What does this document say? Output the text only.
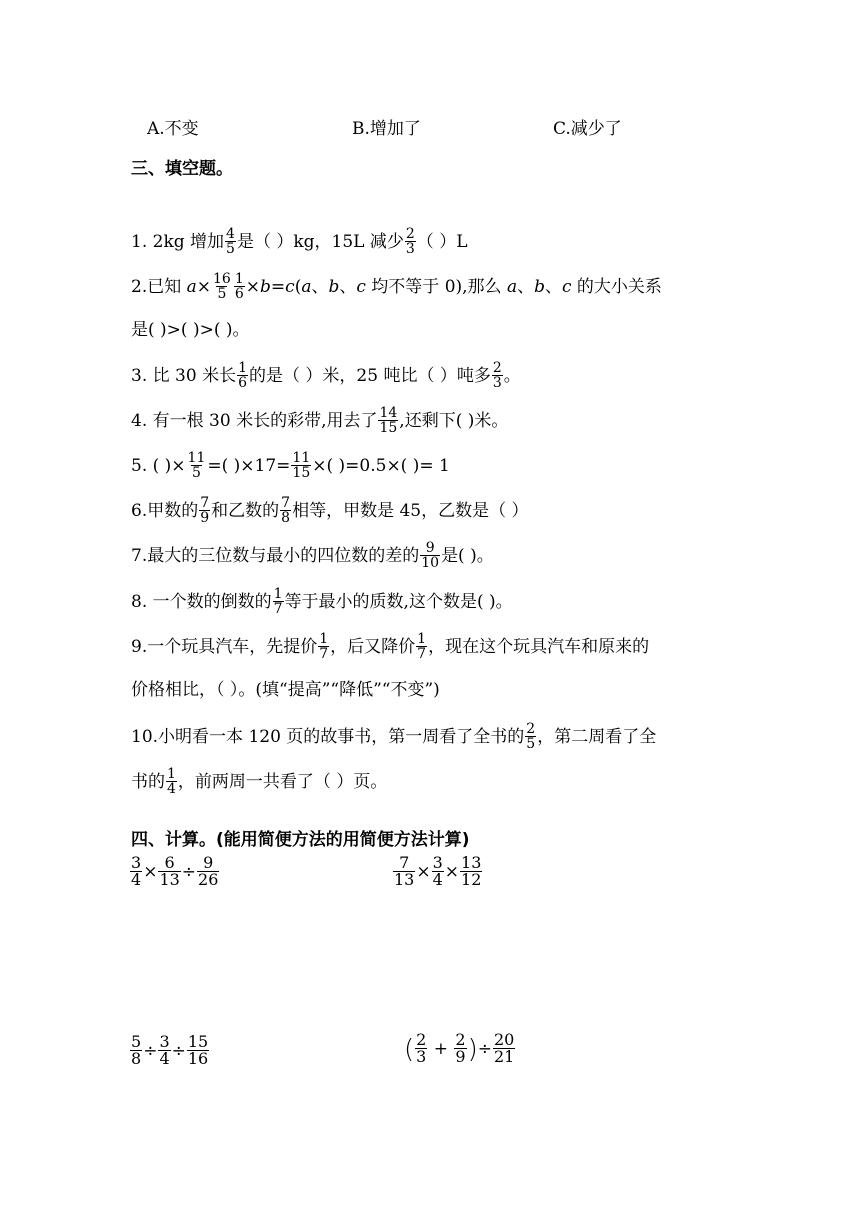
A.不变	B.增加了	C.减少了
三、填空题。
1. 2kg 增加 $\frac{4}{5}$ 是（ ）kg，15L 减少 $\frac{2}{3}$ （ ）L
2.已知 $a\times \frac{16}{5} \frac{1}{6} \times b=c(a$、b、c 均不等于 0),那么 a、b、c 的大小关系
是( )>( )>( )。
3. 比 30 米长 $\frac{1}{6}$ 的是（ ）米，25 吨比（ ）吨多 $\frac{2}{3}$ 。
4. 有一根 30 米长的彩带,用去了 $\frac{14}{15}$ ,还剩下( )米。
5. ( )× $\frac{11}{5}$ =( )$\times 17= \frac{11}{15}$ ×( )=0.5×( )= 1
6.甲数的 $\frac{7}{9}$ 和乙数的 $\frac{7}{8}$ 相等，甲数是 45，乙数是（ ）
7.最大的三位数与最小的四位数的差的 $\frac{9}{10}$ 是( )。
8. 一个数的倒数的 $\frac{1}{7}$ 等于最小的质数,这个数是( )。
9.一个玩具汽车，先提价 $\frac{1}{7}$ ，后又降价 $\frac{1}{7}$ ，现在这个玩具汽车和原来的
价格相比，（ ）。(填“提高”“降低”“不变”)
10.小明看一本 120 页的故事书，第一周看了全书的 $\frac{2}{5}$ ，第二周看了全
书的 $\frac{1}{4}$ ，前两周一共看了（ ）页。
四、计算。(能用简便方法的用简便方法计算)
$\frac{3}{4} \times \frac{6}{13} \div \frac{9}{26}$	$\frac{7}{13} \times \frac{3}{4} \times \frac{13}{12}$
$\frac{5}{8} \div \frac{3}{4} \div \frac{15}{16}$	( $\frac{2}{3} + \frac{2}{9}$ )÷ $\frac{20}{21}$
